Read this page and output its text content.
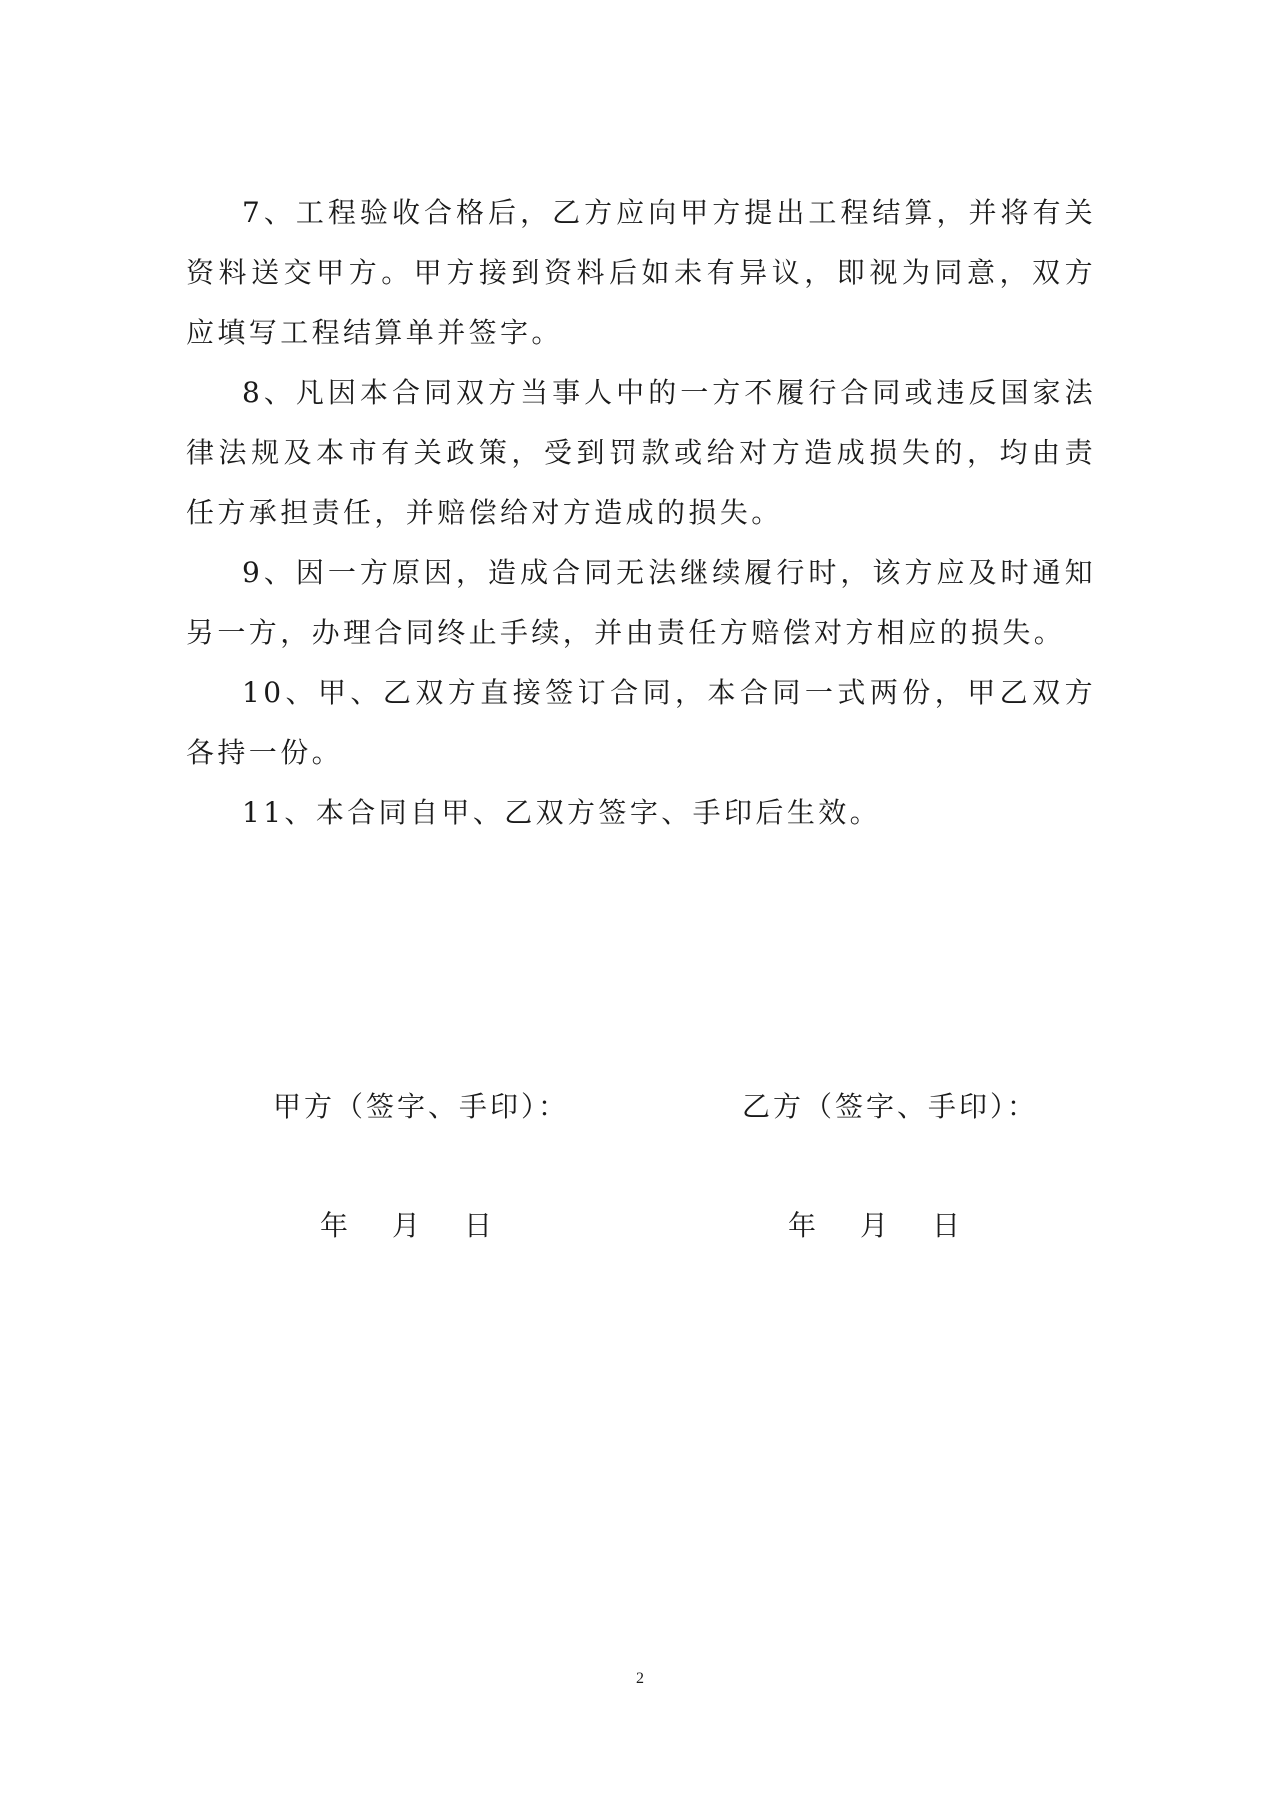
7、工程验收合格后，乙方应向甲方提出工程结算，并将有关资料送交甲方。甲方接到资料后如未有异议，即视为同意，双方应填写工程结算单并签字。

8、凡因本合同双方当事人中的一方不履行合同或违反国家法律法规及本市有关政策，受到罚款或给对方造成损失的，均由责任方承担责任，并赔偿给对方造成的损失。

9、因一方原因，造成合同无法继续履行时，该方应及时通知另一方，办理合同终止手续，并由责任方赔偿对方相应的损失。

10、甲、乙双方直接签订合同，本合同一式两份，甲乙双方各持一份。

11、本合同自甲、乙双方签字、手印后生效。

甲方（签字、手印）：	乙方（签字、手印）：
年 月 日	年 月 日
2
